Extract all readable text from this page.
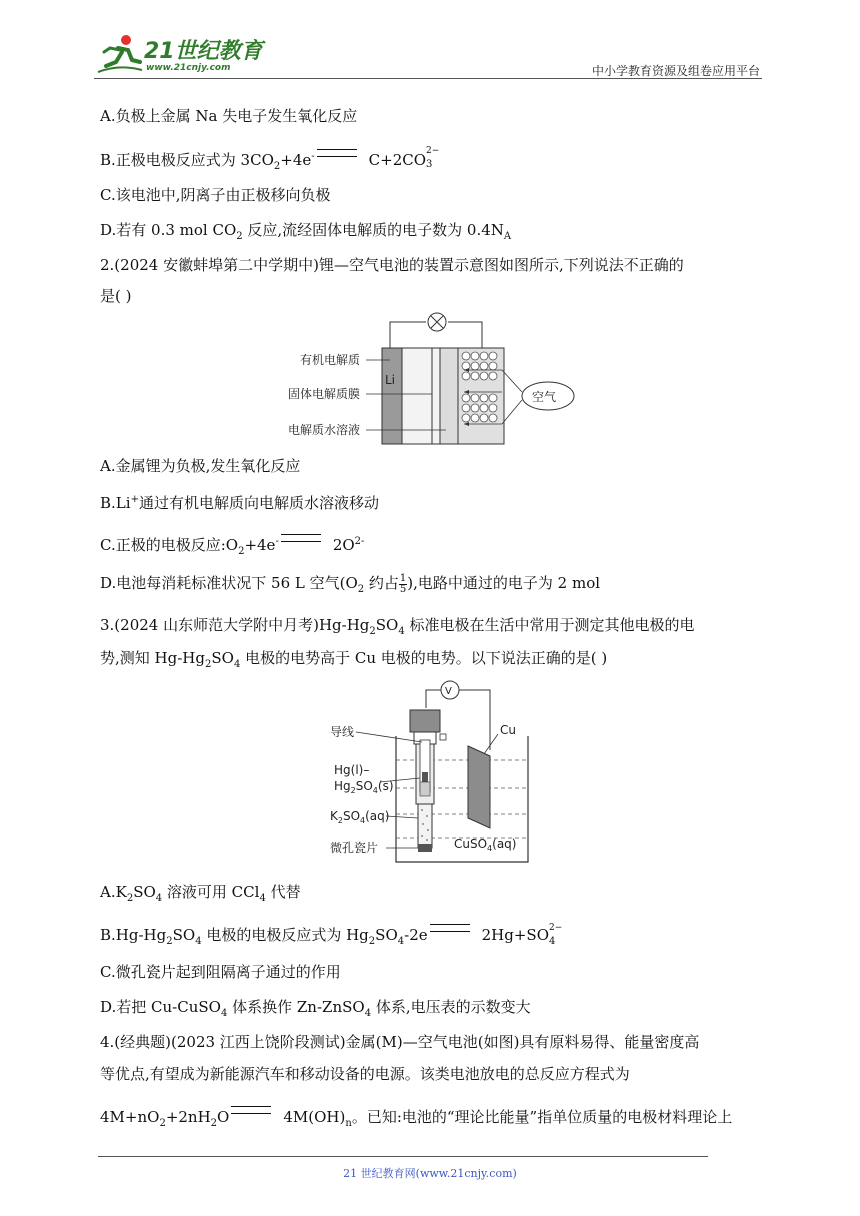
21世纪教育
www.21cnjy.com	中小学教育资源及组卷应用平台
A.负极上金属 Na 失电子发生氧化反应
B.正极电极反应式为 $3CO_2+4e^-$	C+2CO 2−
3
C.该电池中,阴离子由正极移向负极
D.若有 0.3 mol $CO_2$ 反应,流经固体电解质的电子数为 $0.4N_A$
2.(2024 安徽蚌埠第二中学期中)锂—空气电池的装置示意图如图所示,下列说法不正确的
是( )
Li
空气
有机电解质
固体电解质膜
电解质水溶液
A.金属锂为负极,发生氧化反应
B.Li+通过有机电解质向电解质水溶液移动
C.正极的电极反应$:O_2+4e^-$	$2O^{2-}$
D.电池每消耗标准状况下 56 L 空气($O_2$ 约占 $\frac{1}{5}$ ),电路中通过的电子为 2 mol
3.(2024 山东师范大学附中月考)$Hg-Hg_2SO_4$ 标准电极在生活中常用于测定其他电极的电
势,测知 $Hg-Hg_2SO_4$ 电极的电势高于 Cu 电极的电势。以下说法正确的是( )
V
Cu
导线
Hg(l)–
$Hg_2SO_4(s)$
$K_2SO_4(aq)$
微孔瓷片	CuSO$_4$(aq)
$A.K_2SO_4$ 溶液可用 CCl$_4$ 代替
$B.Hg-Hg_2SO_4$ 电极的电极反应式为 $Hg_2SO_4-2e$	2Hg+SO 2−
4
C.微孔瓷片起到阻隔离子通过的作用
D.若把 Cu-CuSO$_4$ 体系换作 Zn-ZnSO$_4$ 体系,电压表的示数变大
4.(经典题)(2023 江西上饶阶段测试)金属(M)—空气电池(如图)具有原料易得、能量密度高
等优点,有望成为新能源汽车和移动设备的电源。该类电池放电的总反应方程式为
$4M+nO_2+2nH_2O$	$4M(OH)_n$。已知:电池的“理论比能量”指单位质量的电极材料理论上
21 世纪教育网(www.21cnjy.com)
